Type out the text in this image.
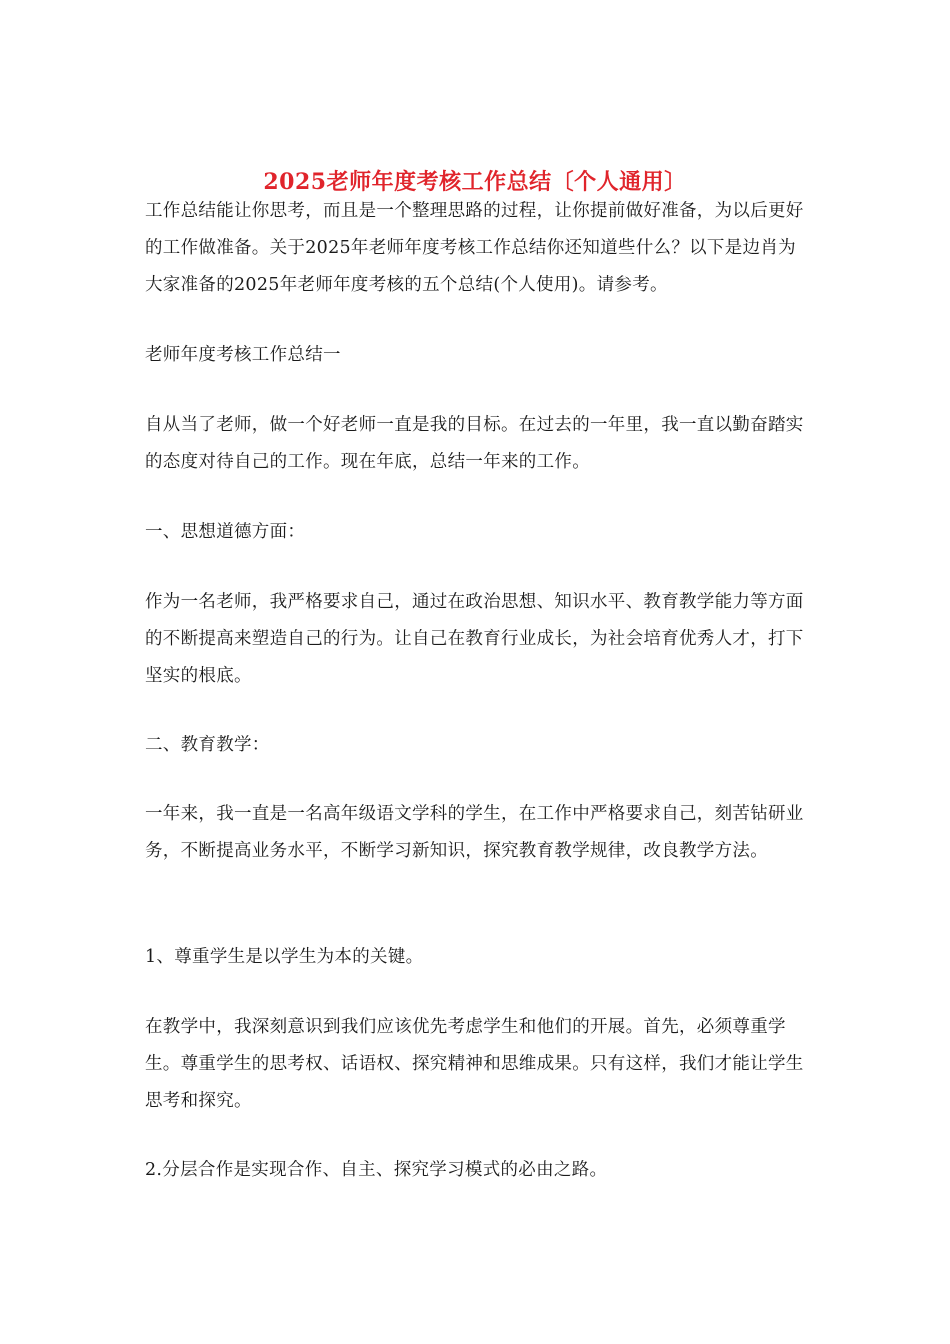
2025老师年度考核工作总结〔个人通用〕

工作总结能让你思考，而且是一个整理思路的过程，让你提前做好准备，为以后更好的工作做准备。关于2025年老师年度考核工作总结你还知道些什么？以下是边肖为大家准备的2025年老师年度考核的五个总结(个人使用)。请参考。

老师年度考核工作总结一

自从当了老师，做一个好老师一直是我的目标。在过去的一年里，我一直以勤奋踏实的态度对待自己的工作。现在年底，总结一年来的工作。

一、思想道德方面：

作为一名老师，我严格要求自己，通过在政治思想、知识水平、教育教学能力等方面的不断提高来塑造自己的行为。让自己在教育行业成长，为社会培育优秀人才，打下坚实的根底。

二、教育教学：

一年来，我一直是一名高年级语文学科的学生，在工作中严格要求自己，刻苦钻研业务，不断提高业务水平，不断学习新知识，探究教育教学规律，改良教学方法。

1、尊重学生是以学生为本的关键。

在教学中，我深刻意识到我们应该优先考虑学生和他们的开展。首先，必须尊重学生。尊重学生的思考权、话语权、探究精神和思维成果。只有这样，我们才能让学生思考和探究。

2.分层合作是实现合作、自主、探究学习模式的必由之路。
